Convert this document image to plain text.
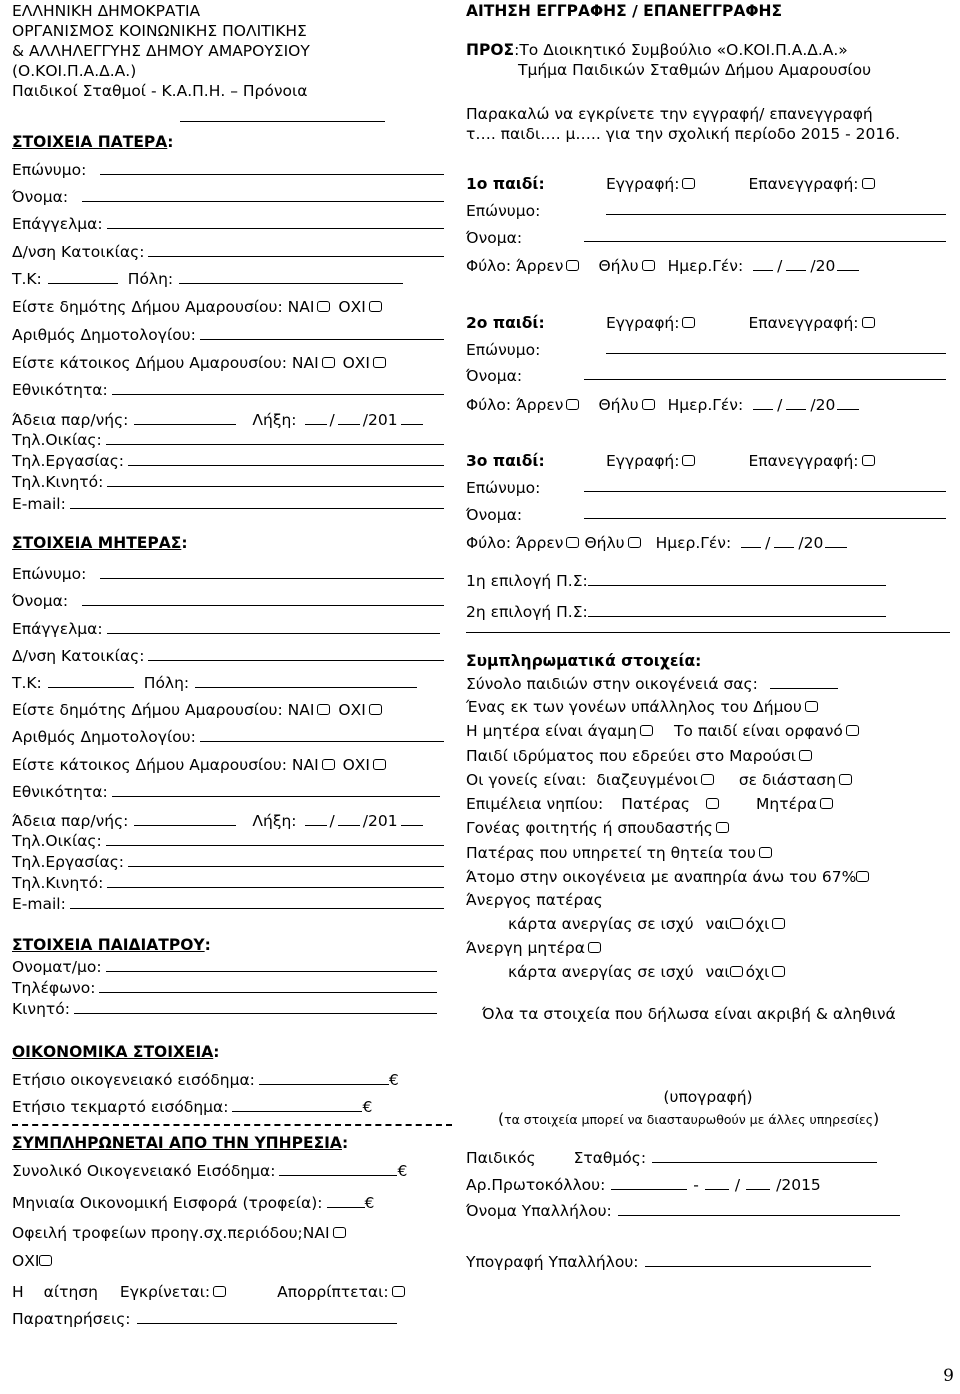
ΕΛΛΗΝΙΚΗ ΔΗΜΟΚΡΑΤΙΑ
ΟΡΓΑΝΙΣΜΟΣ ΚΟΙΝΩΝΙΚΗΣ ΠΟΛΙΤΙΚΗΣ
& ΑΛΛΗΛΕΓΓΥΗΣ ΔΗΜΟΥ ΑΜΑΡΟΥΣΙΟΥ
(Ο.ΚΟΙ.Π.Α.Δ.Α.)
Παιδικοί Σταθμοί - Κ.Α.Π.Η. – Πρόνοια
ΣΤΟΙΧΕΙΑ ΠΑΤΕΡΑ:
Επώνυμο:
Όνομα:
Επάγγελμα:
Δ/νση Κατοικίας:
Τ.Κ:	Πόλη:
Είστε δημότης Δήμου Αμαρουσίου: ΝΑΙ ΟΧΙ
Αριθμός Δημοτολογίου:
Είστε κάτοικος Δήμου Αμαρουσίου: ΝΑΙ ΟΧΙ
Εθνικότητα:
Άδεια παρ/νής:	Λήξη: / /201
Τηλ.Οικίας:
Τηλ.Εργασίας:
Τηλ.Κινητό:
E-mail:
ΣΤΟΙΧΕΙΑ ΜΗΤΕΡΑΣ:
Επώνυμο:
Όνομα:
Επάγγελμα:
Δ/νση Κατοικίας:
Τ.Κ:	Πόλη:
Είστε δημότης Δήμου Αμαρουσίου: ΝΑΙ ΟΧΙ
Αριθμός Δημοτολογίου:
Είστε κάτοικος Δήμου Αμαρουσίου: ΝΑΙ ΟΧΙ
Εθνικότητα:
Άδεια παρ/νής:	Λήξη: / /201
Τηλ.Οικίας:
Τηλ.Εργασίας:
Τηλ.Κινητό:
E-mail:
ΣΤΟΙΧΕΙΑ ΠΑΙΔΙΑΤΡΟΥ:
Ονοματ/μο:
Τηλέφωνο:
Κινητό:
ΟΙΚΟΝΟΜΙΚΑ ΣΤΟΙΧΕΙΑ:
Ετήσιο οικογενειακό εισόδημα:	€
Ετήσιο τεκμαρτό εισόδημα:	€
ΣΥΜΠΛΗΡΩΝΕΤΑΙ ΑΠΟ ΤΗΝ ΥΠΗΡΕΣΙΑ:
Συνολικό Οικογενειακό Εισόδημα:	€
Μηνιαία Οικονομική Εισφορά (τροφεία):	€
Οφειλή τροφείων προηγ.σχ.περιόδου;ΝΑΙ
ΟΧΙ
Η αίτηση Εγκρίνεται:	Απορρίπτεται:
Παρατηρήσεις:
ΑΙΤΗΣΗ ΕΓΓΡΑΦΗΣ / ΕΠΑΝΕΓΓΡΑΦΗΣ
ΠΡΟΣ:Το Διοικητικό Συμβούλιο «Ο.ΚΟΙ.Π.Α.Δ.Α.»
Τμήμα Παιδικών Σταθμών Δήμου Αμαρουσίου
Παρακαλώ να εγκρίνετε την εγγραφή/ επανεγγραφή
τ…. παιδι…. μ….. για την σχολική περίοδο 2015 - 2016.
1ο παιδί:	Εγγραφή:	Επανεγγραφή:
Επώνυμο:
Όνομα:
Φύλο: Άρρεν Θήλυ Ημερ.Γέν: / /20
2ο παιδί:	Εγγραφή:	Επανεγγραφή:
Επώνυμο:
Όνομα:
Φύλο: Άρρεν Θήλυ Ημερ.Γέν: / /20
3ο παιδί:	Εγγραφή:	Επανεγγραφή:
Επώνυμο:
Όνομα:
Φύλο: Άρρεν Θήλυ Ημερ.Γέν: / /20
1η επιλογή Π.Σ:
2η επιλογή Π.Σ:
Συμπληρωματικά στοιχεία:
Σύνολο παιδιών στην οικογένειά σας:
Ένας εκ των γονέων υπάλληλος του Δήμου
Η μητέρα είναι άγαμη Το παιδί είναι ορφανό
Παιδί ιδρύματος που εδρεύει στο Μαρούσι
Οι γονείς είναι: διαζευγμένοι	σε διάσταση
Επιμέλεια νηπίου: Πατέρας	Μητέρα
Γονέας φοιτητής ή σπουδαστής
Πατέρας που υπηρετεί τη θητεία του
Άτομο στην οικογένεια με αναπηρία άνω του 67%
Άνεργος πατέρας
κάρτα ανεργίας σε ισχύ ναι όχι
Άνεργη μητέρα
κάρτα ανεργίας σε ισχύ ναι όχι
Όλα τα στοιχεία που δήλωσα είναι ακριβή & αληθινά
(υπογραφή)
(τα στοιχεία μπορεί να διασταυρωθούν με άλλες υπηρεσίες)
Παιδικός Σταθμός:
Αρ.Πρωτοκόλλου:	- / /2015
Όνομα Υπαλλήλου:
Υπογραφή Υπαλλήλου:
9
